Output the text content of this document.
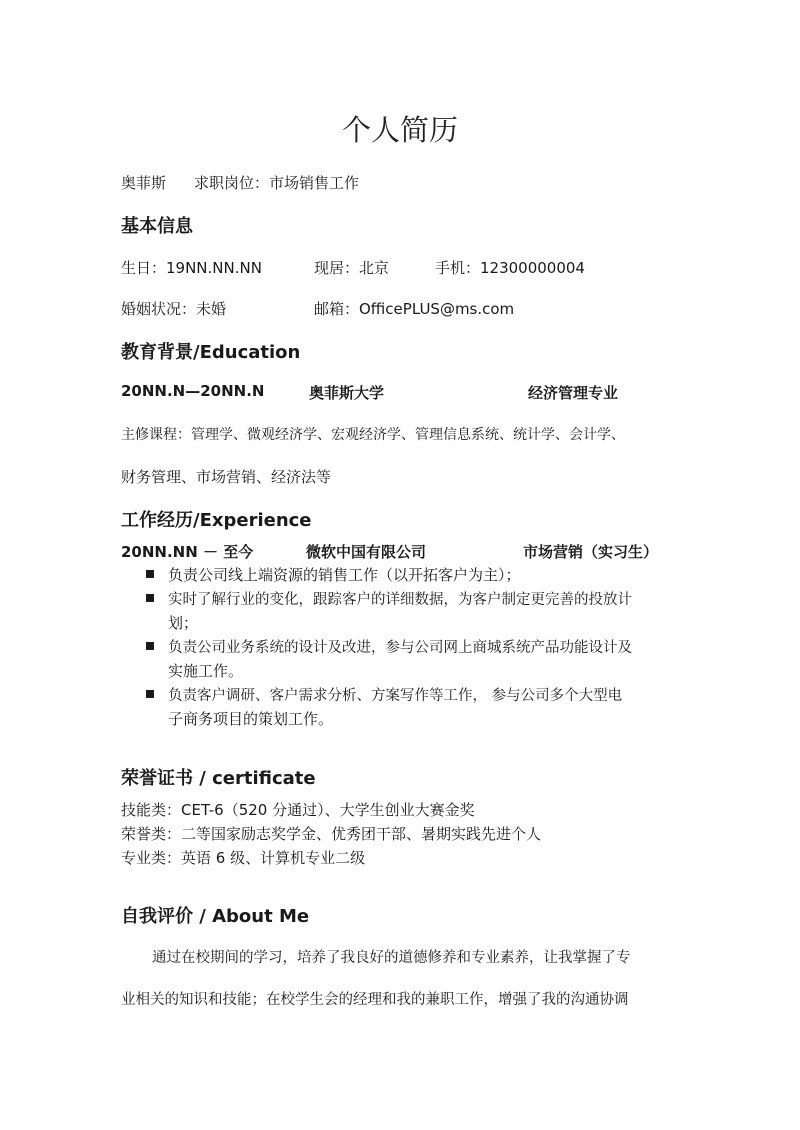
个人简历
奥菲斯 求职岗位：市场销售工作
基本信息
生日：19NN.NN.NN	现居：北京	手机：12300000004
婚姻状况：未婚	邮箱：OfficePLUS@ms.com
教育背景/Education
20NN.N—20NN.N	奥菲斯大学	经济管理专业
主修课程：管理学、微观经济学、宏观经济学、管理信息系统、统计学、会计学、
财务管理、市场营销、经济法等
工作经历/Experience
20NN.NN － 至今	微软中国有限公司	市场营销（实习生）
负责公司线上端资源的销售工作（以开拓客户为主）；
实时了解行业的变化，跟踪客户的详细数据，为客户制定更完善的投放计
划；
负责公司业务系统的设计及改进，参与公司网上商城系统产品功能设计及
实施工作。
负责客户调研、客户需求分析、方案写作等工作， 参与公司多个大型电
子商务项目的策划工作。
荣誉证书 / certificate
技能类：CET-6（520 分通过）、大学生创业大赛金奖
荣誉类：二等国家励志奖学金、优秀团干部、暑期实践先进个人
专业类：英语 6 级、计算机专业二级
自我评价 / About Me
通过在校期间的学习，培养了我良好的道德修养和专业素养，让我掌握了专
业相关的知识和技能；在校学生会的经理和我的兼职工作，增强了我的沟通协调
